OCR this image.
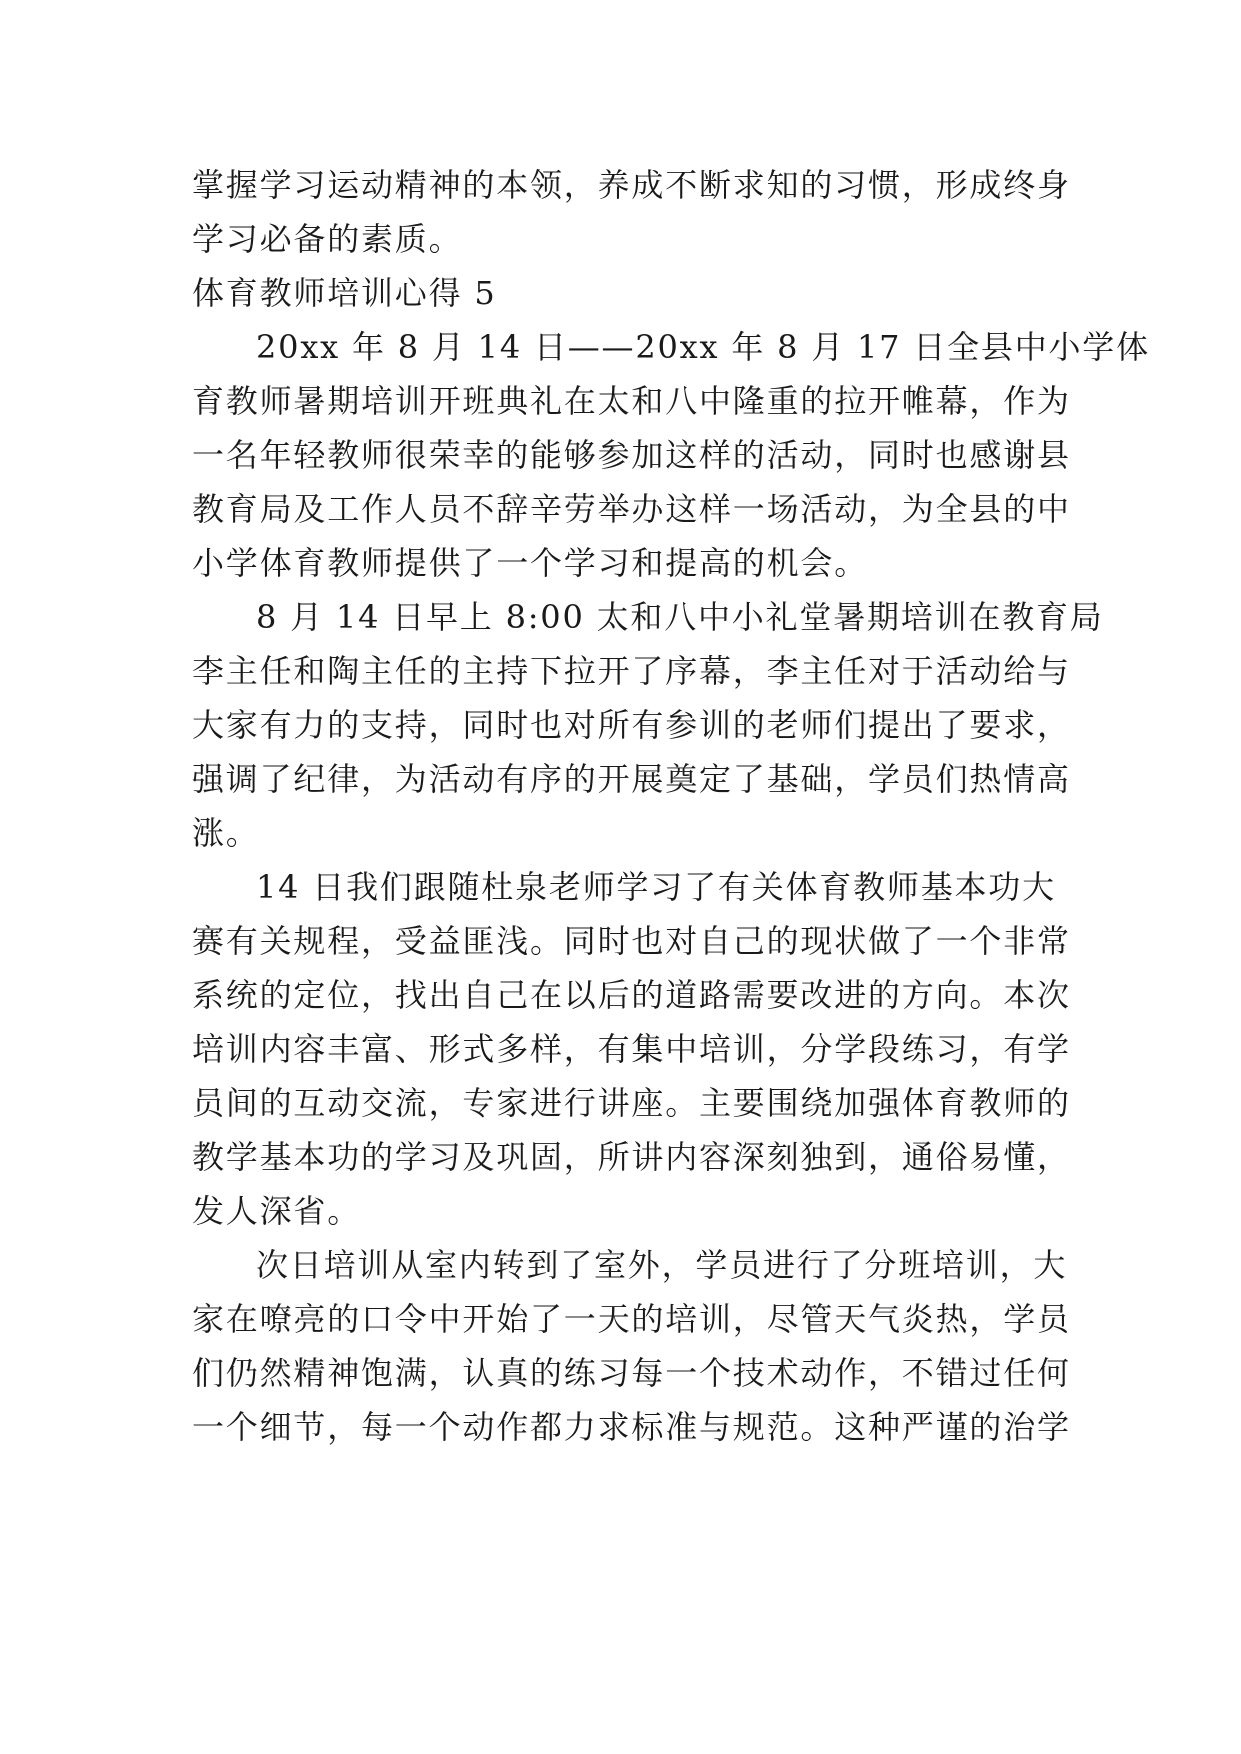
掌握学习运动精神的本领，养成不断求知的习惯，形成终身
学习必备的素质。
体育教师培训心得 5
20xx 年 8 月 14 日——20xx 年 8 月 17 日全县中小学体
育教师暑期培训开班典礼在太和八中隆重的拉开帷幕，作为
一名年轻教师很荣幸的能够参加这样的活动，同时也感谢县
教育局及工作人员不辞辛劳举办这样一场活动，为全县的中
小学体育教师提供了一个学习和提高的机会。
8 月 14 日早上 8:00 太和八中小礼堂暑期培训在教育局
李主任和陶主任的主持下拉开了序幕，李主任对于活动给与
大家有力的支持，同时也对所有参训的老师们提出了要求，
强调了纪律，为活动有序的开展奠定了基础，学员们热情高
涨。
14 日我们跟随杜泉老师学习了有关体育教师基本功大
赛有关规程，受益匪浅。同时也对自己的现状做了一个非常
系统的定位，找出自己在以后的道路需要改进的方向。本次
培训内容丰富、形式多样，有集中培训，分学段练习，有学
员间的互动交流，专家进行讲座。主要围绕加强体育教师的
教学基本功的学习及巩固，所讲内容深刻独到，通俗易懂，
发人深省。
次日培训从室内转到了室外，学员进行了分班培训，大
家在嘹亮的口令中开始了一天的培训，尽管天气炎热，学员
们仍然精神饱满，认真的练习每一个技术动作，不错过任何
一个细节，每一个动作都力求标准与规范。这种严谨的治学
